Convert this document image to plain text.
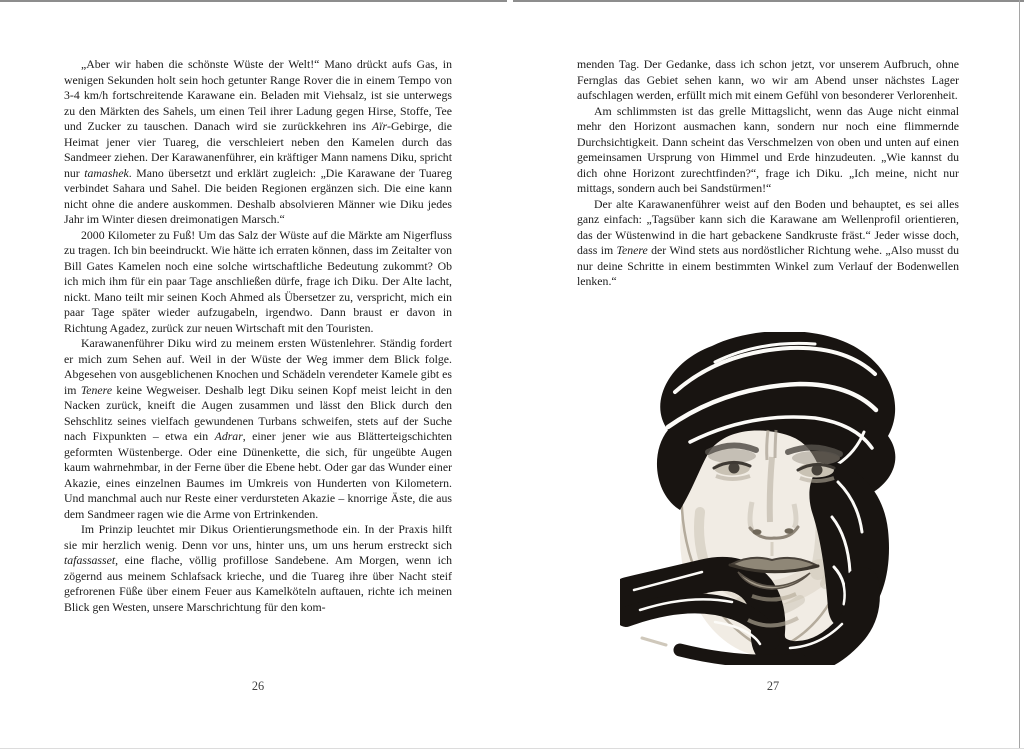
„Aber wir haben die schönste Wüste der Welt!“ Mano drückt aufs Gas, in wenigen Sekunden holt sein hoch getunter Range Rover die in einem Tempo von 3-4 km/h fortschreitende Karawane ein. Beladen mit Viehsalz, ist sie unterwegs zu den Märkten des Sahels, um einen Teil ihrer Ladung gegen Hirse, Stoffe, Tee und Zucker zu tauschen. Danach wird sie zurückkehren ins Aïr-Gebirge, die Heimat jener vier Tuareg, die verschleiert neben den Kamelen durch das Sandmeer ziehen. Der Karawanenführer, ein kräftiger Mann namens Diku, spricht nur tamashek. Mano übersetzt und erklärt zugleich: „Die Karawane der Tuareg verbindet Sahara und Sahel. Die beiden Regionen ergänzen sich. Die eine kann nicht ohne die andere auskommen. Deshalb absolvieren Männer wie Diku jedes Jahr im Winter diesen dreimonatigen Marsch.“

2000 Kilometer zu Fuß! Um das Salz der Wüste auf die Märkte am Nigerfluss zu tragen. Ich bin beeindruckt. Wie hätte ich erraten können, dass im Zeitalter von Bill Gates Kamelen noch eine solche wirtschaftliche Bedeutung zukommt? Ob ich mich ihm für ein paar Tage anschließen dürfe, frage ich Diku. Der Alte lacht, nickt. Mano teilt mir seinen Koch Ahmed als Übersetzer zu, verspricht, mich ein paar Tage später wieder aufzugabeln, irgendwo. Dann braust er davon in Richtung Agadez, zurück zur neuen Wirtschaft mit den Touristen.

Karawanenführer Diku wird zu meinem ersten Wüstenlehrer. Ständig fordert er mich zum Sehen auf. Weil in der Wüste der Weg immer dem Blick folge. Abgesehen von ausgeblichenen Knochen und Schädeln verendeter Kamele gibt es im Tenere keine Wegweiser. Deshalb legt Diku seinen Kopf meist leicht in den Nacken zurück, kneift die Augen zusammen und lässt den Blick durch den Sehschlitz seines vielfach gewundenen Turbans schweifen, stets auf der Suche nach Fixpunkten – etwa ein Adrar, einer jener wie aus Blätterteigschichten geformten Wüstenberge. Oder eine Dünenkette, die sich, für ungeübte Augen kaum wahrnehmbar, in der Ferne über die Ebene hebt. Oder gar das Wunder einer Akazie, eines einzelnen Baumes im Umkreis von Hunderten von Kilometern. Und manchmal auch nur Reste einer verdursteten Akazie – knorrige Äste, die aus dem Sandmeer ragen wie die Arme von Ertrinkenden.

Im Prinzip leuchtet mir Dikus Orientierungsmethode ein. In der Praxis hilft sie mir herzlich wenig. Denn vor uns, hinter uns, um uns herum erstreckt sich tafassasset, eine flache, völlig profillose Sandebene. Am Morgen, wenn ich zögernd aus meinem Schlafsack krieche, und die Tuareg ihre über Nacht steif gefrorenen Füße über einem Feuer aus Kamelköteln auftauen, richte ich meinen Blick gen Westen, unsere Marschrichtung für den kom-

menden Tag. Der Gedanke, dass ich schon jetzt, vor unserem Aufbruch, ohne Fernglas das Gebiet sehen kann, wo wir am Abend unser nächstes Lager aufschlagen werden, erfüllt mich mit einem Gefühl von besonderer Verlorenheit.

Am schlimmsten ist das grelle Mittagslicht, wenn das Auge nicht einmal mehr den Horizont ausmachen kann, sondern nur noch eine flimmernde Durchsichtigkeit. Dann scheint das Verschmelzen von oben und unten auf einen gemeinsamen Ursprung von Himmel und Erde hinzudeuten. „Wie kannst du dich ohne Horizont zurechtfinden?“, frage ich Diku. „Ich meine, nicht nur mittags, sondern auch bei Sandstürmen!“

Der alte Karawanenführer weist auf den Boden und behauptet, es sei alles ganz einfach: „Tagsüber kann sich die Karawane am Wellenprofil orientieren, das der Wüstenwind in die hart gebackene Sandkruste fräst.“ Jeder wisse doch, dass im Tenere der Wind stets aus nordöstlicher Richtung wehe. „Also musst du nur deine Schritte in einem bestimmten Winkel zum Verlauf der Bodenwellen lenken.“

26	27
